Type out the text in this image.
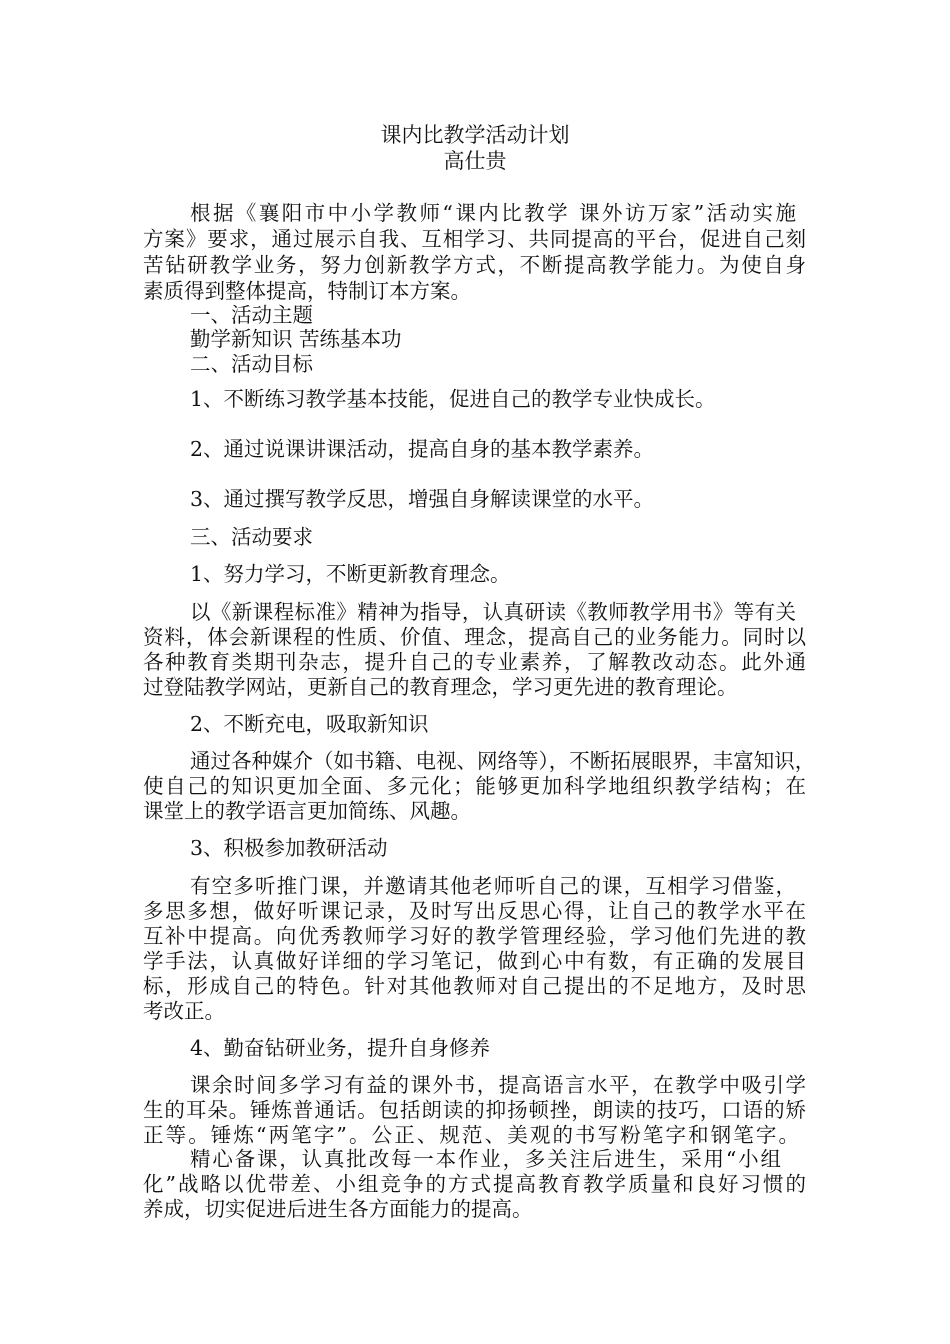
课内比教学活动计划
高仕贵
根据《襄阳市中小学教师“课内比教学 课外访万家”活动实施
方案》要求，通过展示自我、互相学习、共同提高的平台，促进自己刻
苦钻研教学业务，努力创新教学方式，不断提高教学能力。为使自身
素质得到整体提高，特制订本方案。
一、活动主题
勤学新知识 苦练基本功
二、活动目标
1、不断练习教学基本技能，促进自己的教学专业快成长。
2、通过说课讲课活动，提高自身的基本教学素养。
3、通过撰写教学反思，增强自身解读课堂的水平。
三、活动要求
1、努力学习，不断更新教育理念。
以《新课程标准》精神为指导，认真研读《教师教学用书》等有关
资料，体会新课程的性质、价值、理念，提高自己的业务能力。同时以
各种教育类期刊杂志，提升自己的专业素养，了解教改动态。此外通
过登陆教学网站，更新自己的教育理念，学习更先进的教育理论。
2、不断充电，吸取新知识
通过各种媒介（如书籍、电视、网络等），不断拓展眼界，丰富知识，
使自己的知识更加全面、多元化；能够更加科学地组织教学结构；在
课堂上的教学语言更加简练、风趣。
3、积极参加教研活动
有空多听推门课，并邀请其他老师听自己的课，互相学习借鉴，
多思多想，做好听课记录，及时写出反思心得，让自己的教学水平在
互补中提高。向优秀教师学习好的教学管理经验，学习他们先进的教
学手法，认真做好详细的学习笔记，做到心中有数，有正确的发展目
标，形成自己的特色。针对其他教师对自己提出的不足地方，及时思
考改正。
4、勤奋钻研业务，提升自身修养
课余时间多学习有益的课外书，提高语言水平，在教学中吸引学
生的耳朵。锤炼普通话。包括朗读的抑扬顿挫，朗读的技巧，口语的矫
正等。锤炼“两笔字”。公正、规范、美观的书写粉笔字和钢笔字。
精心备课，认真批改每一本作业，多关注后进生，采用“小组
化”战略以优带差、小组竞争的方式提高教育教学质量和良好习惯的
养成，切实促进后进生各方面能力的提高。
